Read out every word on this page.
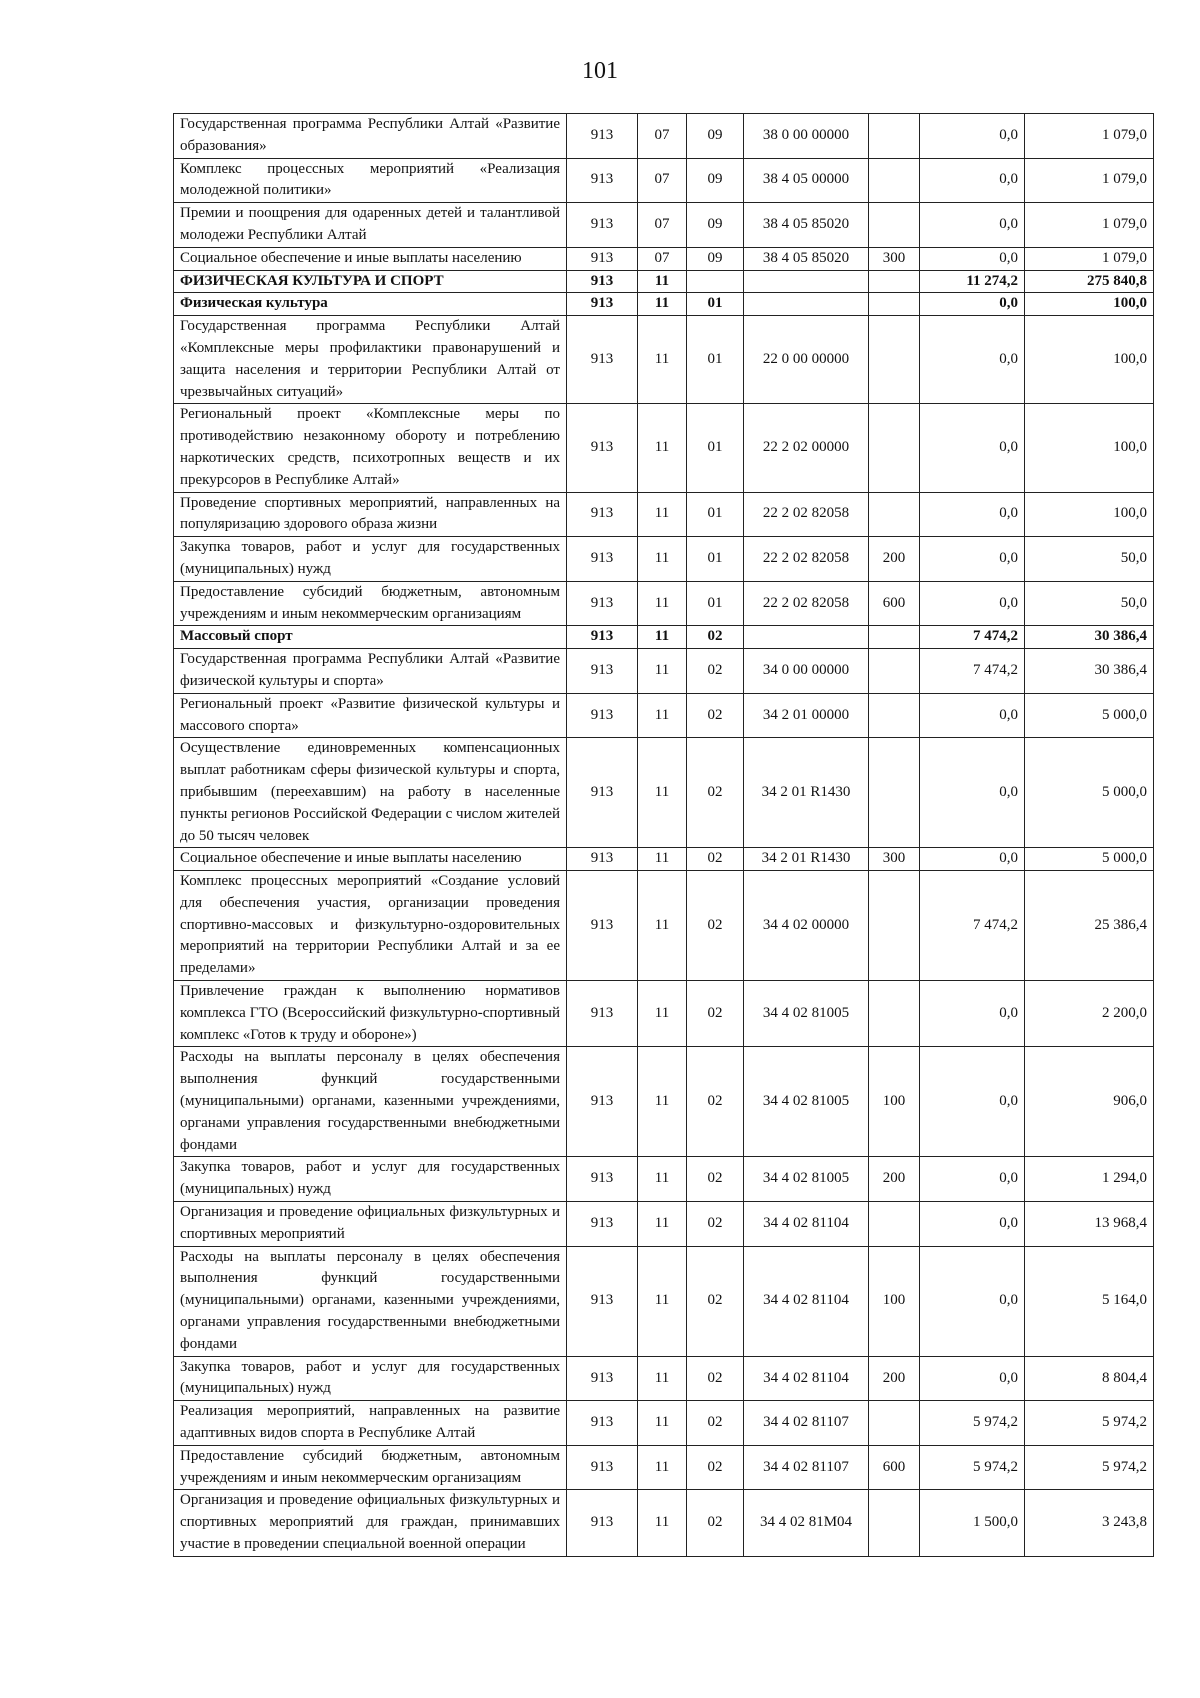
101
Государственная программа Республики Алтай «Развитие образования»	913	07	09	38 0 00 00000		0,0	1 079,0
Комплекс процессных мероприятий «Реализация молодежной политики»	913	07	09	38 4 05 00000		0,0	1 079,0
Премии и поощрения для одаренных детей и талантливой молодежи Республики Алтай	913	07	09	38 4 05 85020		0,0	1 079,0
Социальное обеспечение и иные выплаты населению	913	07	09	38 4 05 85020	300	0,0	1 079,0
ФИЗИЧЕСКАЯ КУЛЬТУРА И СПОРТ	913	11				11 274,2	275 840,8
Физическая культура	913	11	01			0,0	100,0
Государственная программа Республики Алтай «Комплексные меры профилактики правонарушений и защита населения и территории Республики Алтай от чрезвычайных ситуаций»	913	11	01	22 0 00 00000		0,0	100,0
Региональный проект «Комплексные меры по противодействию незаконному обороту и потреблению наркотических средств, психотропных веществ и их прекурсоров в Республике Алтай»	913	11	01	22 2 02 00000		0,0	100,0
Проведение спортивных мероприятий, направленных на популяризацию здорового образа жизни	913	11	01	22 2 02 82058		0,0	100,0
Закупка товаров, работ и услуг для государственных (муниципальных) нужд	913	11	01	22 2 02 82058	200	0,0	50,0
Предоставление субсидий бюджетным, автономным учреждениям и иным некоммерческим организациям	913	11	01	22 2 02 82058	600	0,0	50,0
Массовый спорт	913	11	02			7 474,2	30 386,4
Государственная программа Республики Алтай «Развитие физической культуры и спорта»	913	11	02	34 0 00 00000		7 474,2	30 386,4
Региональный проект «Развитие физической культуры и массового спорта»	913	11	02	34 2 01 00000		0,0	5 000,0
Осуществление единовременных компенсационных выплат работникам сферы физической культуры и спорта, прибывшим (переехавшим) на работу в населенные пункты регионов Российской Федерации с числом жителей до 50 тысяч человек	913	11	02	34 2 01 R1430		0,0	5 000,0
Социальное обеспечение и иные выплаты населению	913	11	02	34 2 01 R1430	300	0,0	5 000,0
Комплекс процессных мероприятий «Создание условий для обеспечения участия, организации проведения спортивно-массовых и физкультурно-оздоровительных мероприятий на территории Республики Алтай и за ее пределами»	913	11	02	34 4 02 00000		7 474,2	25 386,4
Привлечение граждан к выполнению нормативов комплекса ГТО (Всероссийский физкультурно-спортивный комплекс «Готов к труду и обороне»)	913	11	02	34 4 02 81005		0,0	2 200,0
Расходы на выплаты персоналу в целях обеспечения выполнения функций государственными (муниципальными) органами, казенными учреждениями, органами управления государственными внебюджетными фондами	913	11	02	34 4 02 81005	100	0,0	906,0
Закупка товаров, работ и услуг для государственных (муниципальных) нужд	913	11	02	34 4 02 81005	200	0,0	1 294,0
Организация и проведение официальных физкультурных и спортивных мероприятий	913	11	02	34 4 02 81104		0,0	13 968,4
Расходы на выплаты персоналу в целях обеспечения выполнения функций государственными (муниципальными) органами, казенными учреждениями, органами управления государственными внебюджетными фондами	913	11	02	34 4 02 81104	100	0,0	5 164,0
Закупка товаров, работ и услуг для государственных (муниципальных) нужд	913	11	02	34 4 02 81104	200	0,0	8 804,4
Реализация мероприятий, направленных на развитие адаптивных видов спорта в Республике Алтай	913	11	02	34 4 02 81107		5 974,2	5 974,2
Предоставление субсидий бюджетным, автономным учреждениям и иным некоммерческим организациям	913	11	02	34 4 02 81107	600	5 974,2	5 974,2
Организация и проведение официальных физкультурных и спортивных мероприятий для граждан, принимавших участие в проведении специальной военной операции	913	11	02	34 4 02 81М04		1 500,0	3 243,8
